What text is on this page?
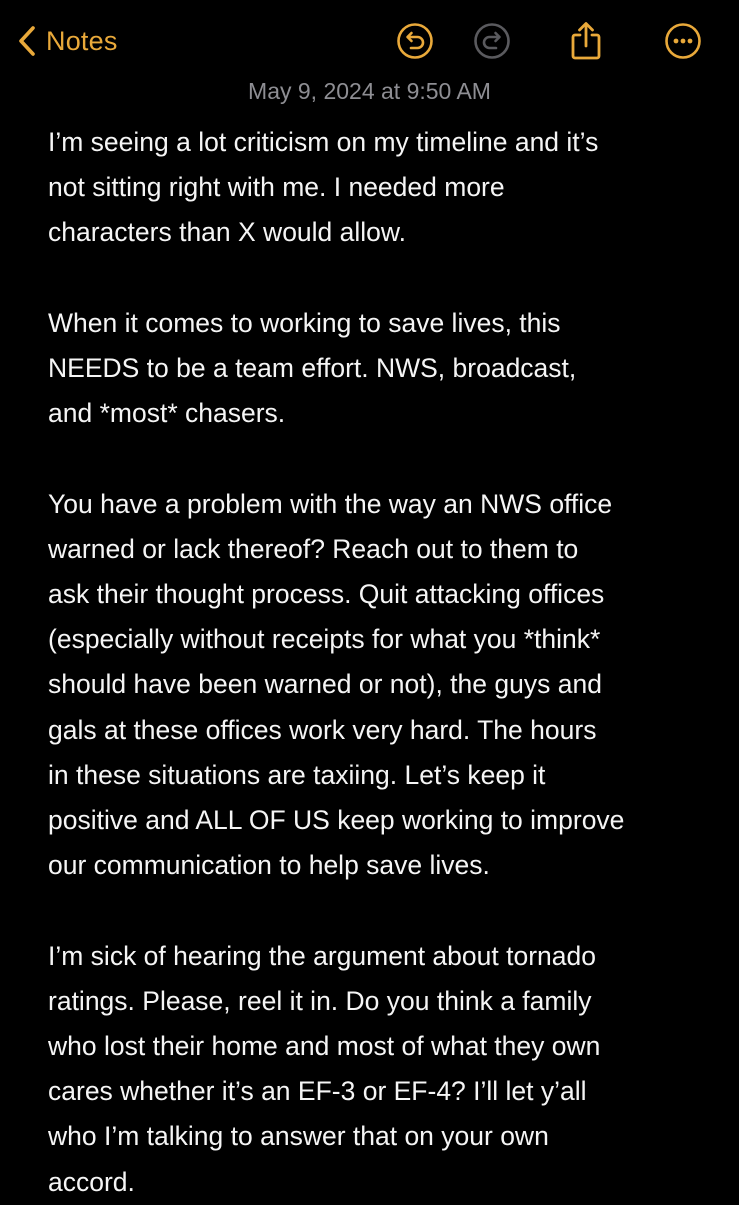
Notes
May 9, 2024 at 9:50 AM

I’m seeing a lot criticism on my timeline and it’s

not sitting right with me. I needed more

characters than X would allow.

When it comes to working to save lives, this

NEEDS to be a team effort. NWS, broadcast,

and *most* chasers.

You have a problem with the way an NWS office

warned or lack thereof? Reach out to them to

ask their thought process. Quit attacking offices

(especially without receipts for what you *think*

should have been warned or not), the guys and

gals at these offices work very hard. The hours

in these situations are taxiing. Let’s keep it

positive and ALL OF US keep working to improve

our communication to help save lives.

I’m sick of hearing the argument about tornado

ratings. Please, reel it in. Do you think a family

who lost their home and most of what they own

cares whether it’s an EF-3 or EF-4? I’ll let y’all

who I’m talking to answer that on your own

accord.
